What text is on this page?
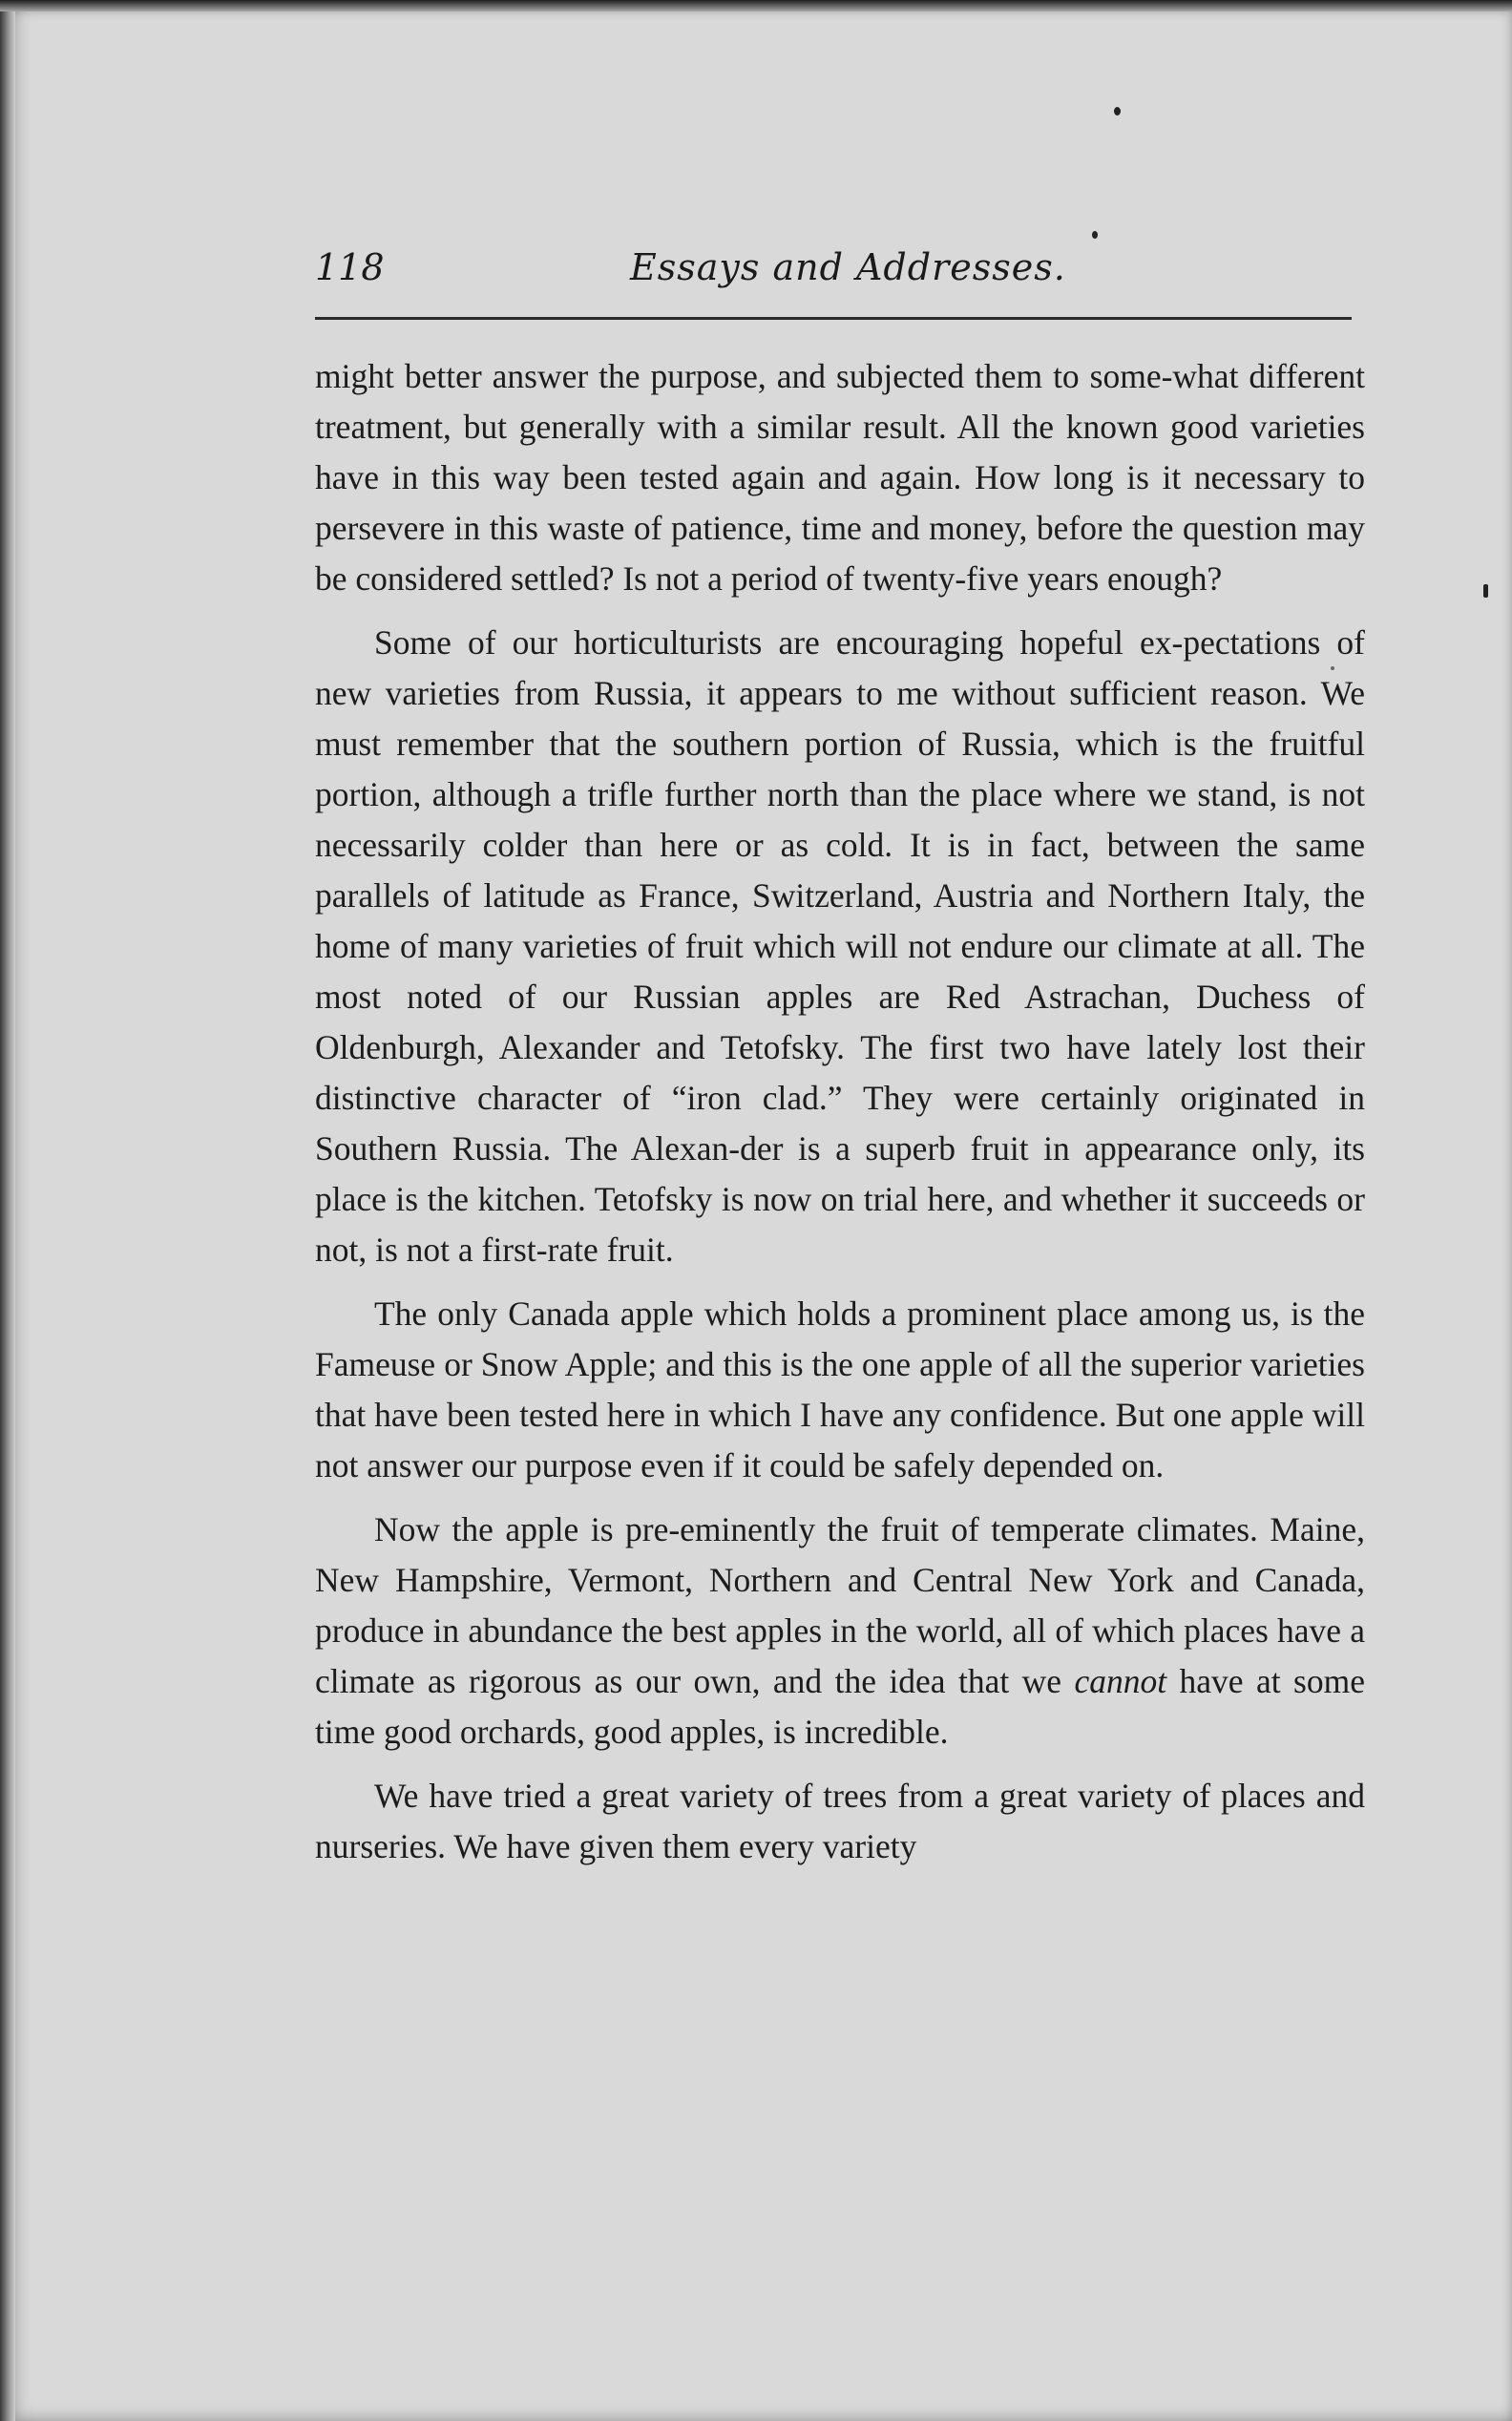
118	Essays and Addresses.

might better answer the purpose, and subjected them to some-what different treatment, but generally with a similar result. All the known good varieties have in this way been tested again and again. How long is it necessary to persevere in this waste of patience, time and money, before the question may be considered settled? Is not a period of twenty-five years enough?

Some of our horticulturists are encouraging hopeful ex-pectations of new varieties from Russia, it appears to me without sufficient reason. We must remember that the southern portion of Russia, which is the fruitful portion, although a trifle further north than the place where we stand, is not necessarily colder than here or as cold. It is in fact, between the same parallels of latitude as France, Switzerland, Austria and Northern Italy, the home of many varieties of fruit which will not endure our climate at all. The most noted of our Russian apples are Red Astrachan, Duchess of Oldenburgh, Alexander and Tetofsky. The first two have lately lost their distinctive character of “iron clad.” They were certainly originated in Southern Russia. The Alexan-der is a superb fruit in appearance only, its place is the kitchen. Tetofsky is now on trial here, and whether it succeeds or not, is not a first-rate fruit.

The only Canada apple which holds a prominent place among us, is the Fameuse or Snow Apple; and this is the one apple of all the superior varieties that have been tested here in which I have any confidence. But one apple will not answer our purpose even if it could be safely depended on.

Now the apple is pre-eminently the fruit of temperate climates. Maine, New Hampshire, Vermont, Northern and Central New York and Canada, produce in abundance the best apples in the world, all of which places have a climate as rigorous as our own, and the idea that we cannot have at some time good orchards, good apples, is incredible.

We have tried a great variety of trees from a great variety of places and nurseries. We have given them every variety
